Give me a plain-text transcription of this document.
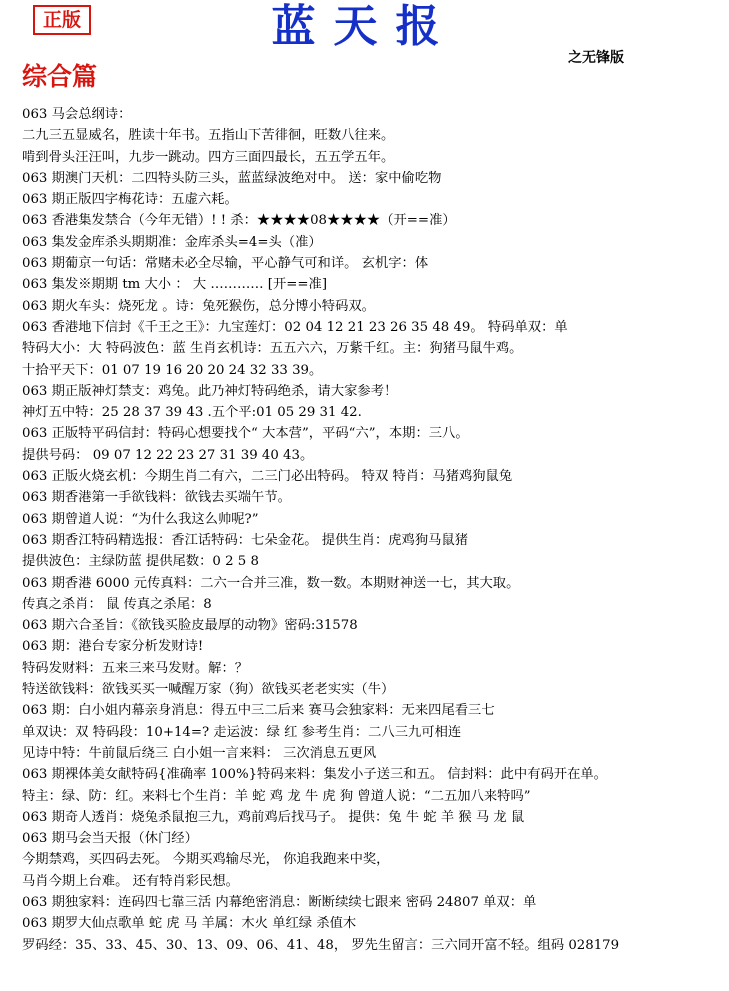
正版	蓝天报
之无锋版
综合篇
063 马会总纲诗：
二九三五显威名，胜读十年书。五指山下苦徘徊，旺数八往来。
啃到骨头汪汪叫，九步一跳动。四方三面四最长，五五学五年。
063 期澳门天机：二四特头防三头，蓝蓝绿波绝对中。 送：家中偷吃物
063 期正版四字梅花诗：五虚六耗。
063 香港集发禁合（今年无错）! ! 杀：★★★★08★★★★（开==准）
063 集发金库杀头期期准：金库杀头=4=头（准）
063 期葡京一句话：常赌未必全尽输，平心静气可和详。 玄机字：体
063 集发※期期 tm 大小 ： 大 ………… [开==准]
063 期火车头：烧死龙 。诗：兔死猴伤，总分博小特码双。
063 香港地下信封《千王之王》：九宝莲灯：02 04 12 21 23 26 35 48 49。 特码单双：单
特码大小：大 特码波色：蓝 生肖玄机诗：五五六六，万紫千红。主：狗猪马鼠牛鸡。
十拾平天下：01 07 19 16 20 20 24 32 33 39。
063 期正版神灯禁支：鸡兔。此乃神灯特码绝杀，请大家参考！
神灯五中特：25 28 37 39 43 .五个平:01 05 29 31 42.
063 正版特平码信封：特码心想要找个“ 大本营”，平码“六”，本期：三八。
提供号码： 09 07 12 22 23 27 31 39 40 43。
063 正版火烧玄机：今期生肖二有六，二三门必出特码。 特双 特肖：马猪鸡狗鼠兔
063 期香港第一手欲钱料：欲钱去买端午节。
063 期曾道人说：“为什么我这么帅呢?”
063 期香江特码精选报：香江话特码：七朵金花。 提供生肖：虎鸡狗马鼠猪
提供波色：主绿防蓝 提供尾数：0 2 5 8
063 期香港 6000 元传真料：二六一合并三准，数一数。本期财神送一七，其大取。
传真之杀肖： 鼠 传真之杀尾：8
063 期六合圣旨：《欲钱买脸皮最厚的动物》密码:31578
063 期：港台专家分析发财诗!
特码发财料：五来三来马发财。解：？
特送欲钱料：欲钱买买一喊醒万家（狗）欲钱买老老实实（牛）
063 期：白小姐内幕亲身消息：得五中三二后来 赛马会独家料：无来四尾看三七
单双诀：双 特码段：10+14=? 走运波：绿 红 参考生肖：二八三九可相连
见诗中特：牛前鼠后绕三 白小姐一言来料： 三次消息五更风
063 期裸体美女献特码{准确率 100%}特码来料：集发小子送三和五。 信封料：此中有码开在单。
特主：绿、防：红。来料七个生肖：羊 蛇 鸡 龙 牛 虎 狗 曾道人说：“二五加八来特吗”
063 期奇人透肖：烧兔杀鼠抱三九，鸡前鸡后找马子。 提供：兔 牛 蛇 羊 猴 马 龙 鼠
063 期马会当天报（休门经）
今期禁鸡，买四码去死。 今期买鸡输尽光， 你追我跑来中奖，
马肖今期上台难。 还有特肖彩民想。
063 期独家料：连码四七靠三活 内幕绝密消息：断断续续七跟来 密码 24807 单双：单
063 期罗大仙点歌单 蛇 虎 马 羊属：木火 单红绿 杀值木
罗码经：35、33、45、30、13、09、06、41、48， 罗先生留言：三六同开富不轻。组码 028179
